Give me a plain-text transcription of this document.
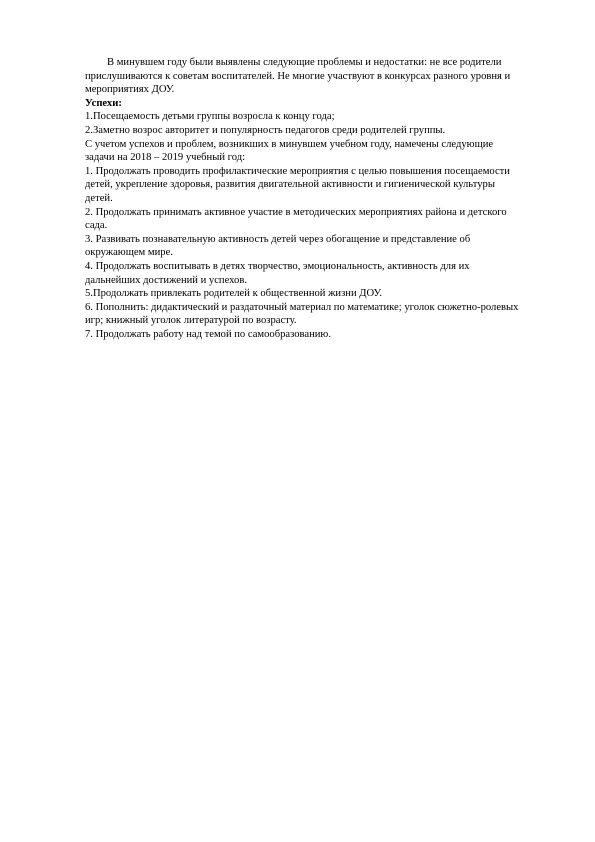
В минувшем году были выявлены следующие проблемы и недостатки: не все родители прислушиваются к советам воспитателей. Не многие участвуют в конкурсах разного уровня и мероприятиях ДОУ.

Успехи:

1.Посещаемость детьми группы возросла к концу года;

2.Заметно возрос авторитет и популярность педагогов среди родителей группы.

С учетом успехов и проблем, возникших в минувшем учебном году, намечены следующие задачи на 2018 – 2019 учебный год:

1. Продолжать проводить профилактические мероприятия с целью повышения посещаемости детей, укрепление здоровья, развития двигательной активности и гигиенической культуры детей.

2. Продолжать принимать активное участие в методических мероприятиях района и детского сада.

3. Развивать познавательную активность детей через обогащение и представление об окружающем мире.

4. Продолжать воспитывать в детях творчество, эмоциональность, активность для их дальнейших достижений и успехов.

5.Продолжать привлекать родителей к общественной жизни ДОУ.

6. Пополнить: дидактический и раздаточный материал по математике; уголок сюжетно-ролевых игр; книжный уголок литературой по возрасту.

7. Продолжать работу над темой по самообразованию.
